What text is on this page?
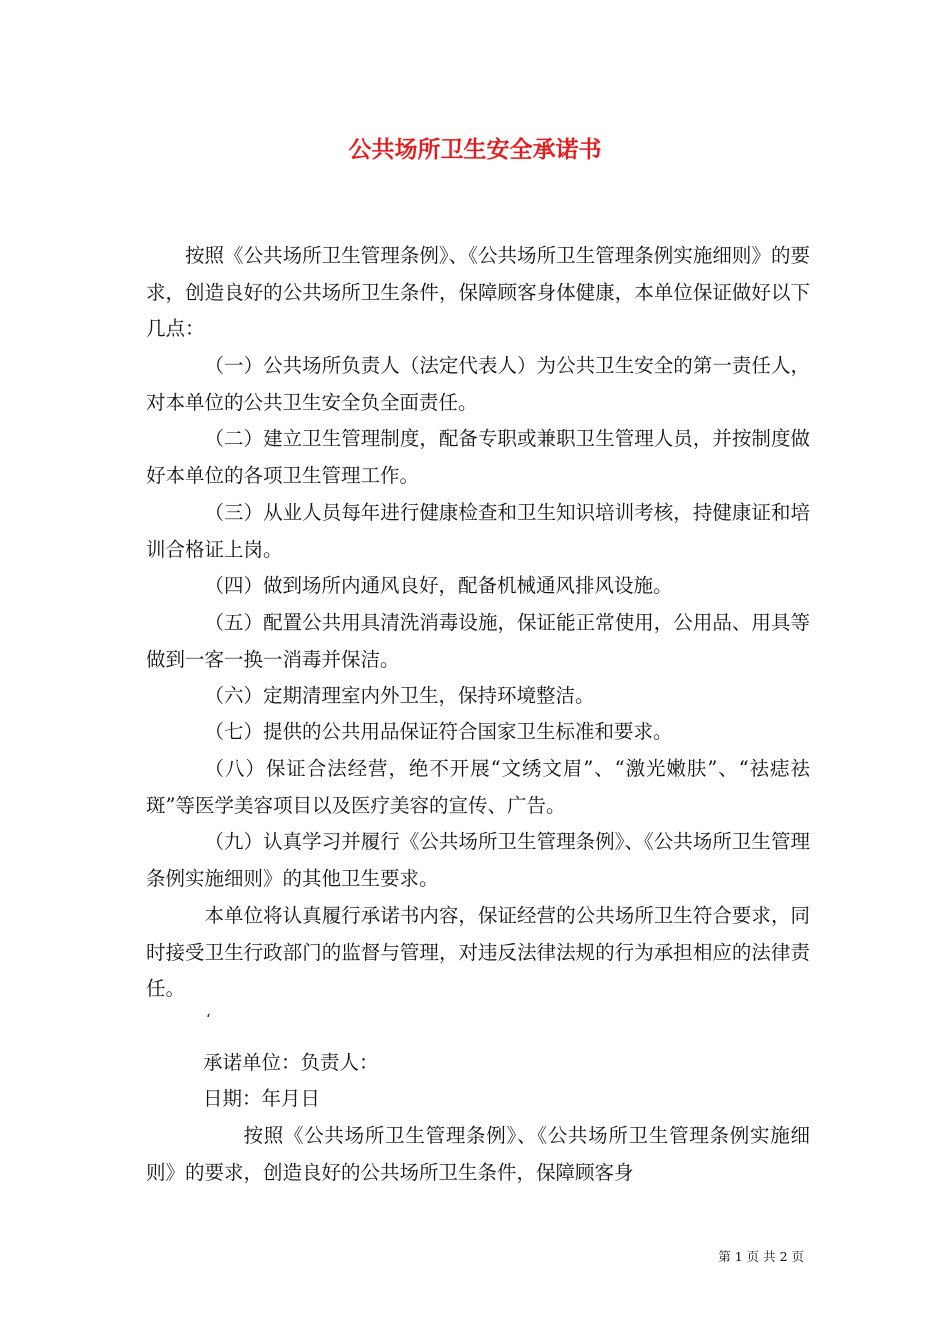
公共场所卫生安全承诺书

按照《公共场所卫生管理条例》、《公共场所卫生管理条例实施细则》的要求，创造良好的公共场所卫生条件，保障顾客身体健康，本单位保证做好以下几点：

（一）公共场所负责人（法定代表人）为公共卫生安全的第一责任人，对本单位的公共卫生安全负全面责任。

（二）建立卫生管理制度，配备专职或兼职卫生管理人员，并按制度做好本单位的各项卫生管理工作。

（三）从业人员每年进行健康检查和卫生知识培训考核，持健康证和培训合格证上岗。

（四）做到场所内通风良好，配备机械通风排风设施。

（五）配置公共用具清洗消毒设施，保证能正常使用，公用品、用具等做到一客一换一消毒并保洁。

（六）定期清理室内外卫生，保持环境整洁。

（七）提供的公共用品保证符合国家卫生标准和要求。

（八）保证合法经营，绝不开展“文绣文眉”、“激光嫩肤”、“祛痣祛斑”等医学美容项目以及医疗美容的宣传、广告。

（九）认真学习并履行《公共场所卫生管理条例》、《公共场所卫生管理条例实施细则》的其他卫生要求。

本单位将认真履行承诺书内容，保证经营的公共场所卫生符合要求，同时接受卫生行政部门的监督与管理，对违反法律法规的行为承担相应的法律责任。

‘

承诺单位：负责人：

日期：年月日

按照《公共场所卫生管理条例》、《公共场所卫生管理条例实施细则》的要求，创造良好的公共场所卫生条件，保障顾客身

第 1 页 共 2 页
